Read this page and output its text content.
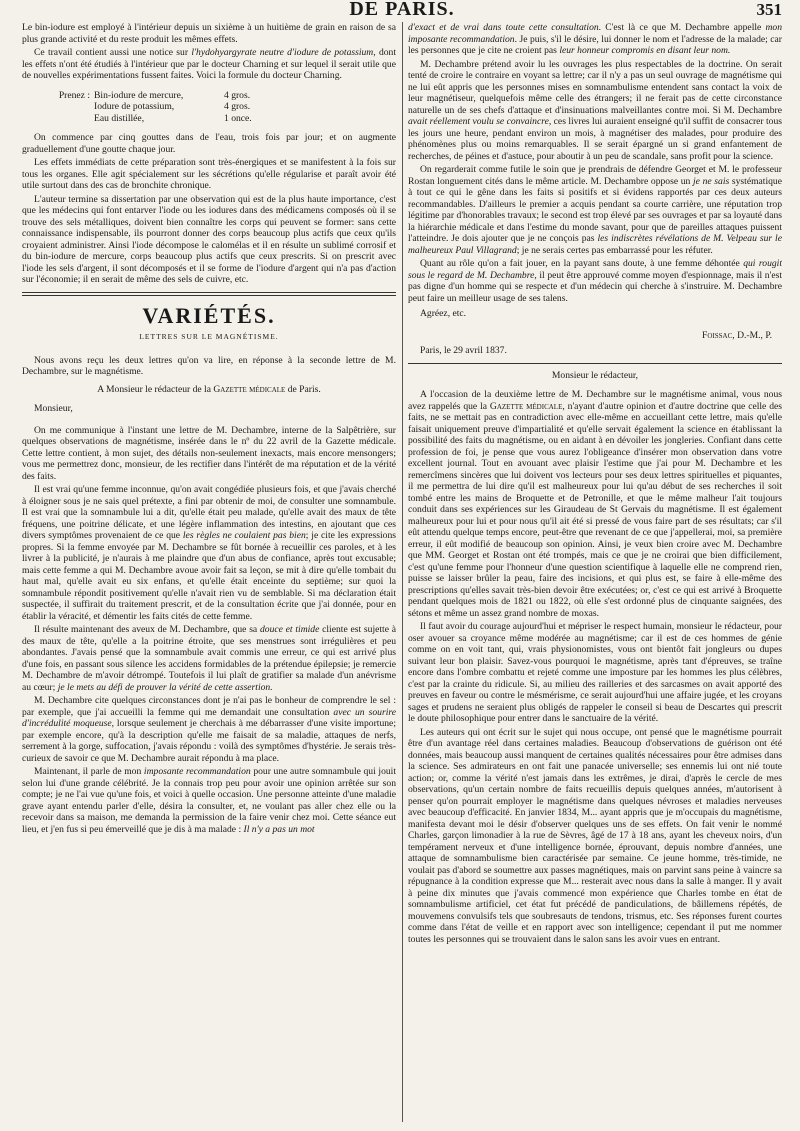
DE PARIS.	351

Le bin-iodure est employé à l'intérieur depuis un sixième à un huitième de grain en raison de sa plus grande activité et du reste produit les mêmes effets.

Ce travail contient aussi une notice sur l'hydohyargyrate neutre d'iodure de potassium, dont les effets n'ont été étudiés à l'intérieur que par le docteur Charning et sur lequel il serait utile que de nouvelles expérimentations fussent faites. Voici la formule du docteur Charning.

Prenez : Bin-iodure de mercure,	4 gros.
Iodure de potassium,	4 gros.
Eau distillée,	1 once.

On commence par cinq gouttes dans de l'eau, trois fois par jour; et on augmente graduellement d'une goutte chaque jour.

Les effets immédiats de cette préparation sont très-énergiques et se manifestent à la fois sur tous les organes. Elle agit spécialement sur les sécrétions qu'elle régularise et paraît avoir été utile surtout dans des cas de bronchite chronique.

L'auteur termine sa dissertation par une observation qui est de la plus haute importance, c'est que les médecins qui font entarver l'iode ou les iodures dans des médicamens composés où il se trouve des sels métalliques, doivent bien connaître les corps qui peuvent se former: sans cette connaissance indispensable, ils pourront donner des corps beaucoup plus actifs que ceux qu'ils croyaient administrer. Ainsi l'iode décompose le calomélas et il en résulte un sublimé corrosif et du bin-iodure de mercure, corps beaucoup plus actifs que ceux prescrits. Si on prescrit avec l'iode les sels d'argent, il sont décomposés et il se forme de l'iodure d'argent qui n'a pas d'action sur l'économie; il en serait de même des sels de cuivre, etc.

VARIÉTÉS.
LETTRES SUR LE MAGNÉTISME.

Nous avons reçu les deux lettres qu'on va lire, en réponse à la seconde lettre de M. Dechambre, sur le magnétisme.

A Monsieur le rédacteur de la Gazette médicale de Paris.
Monsieur,

On me communique à l'instant une lettre de M. Dechambre, interne de la Salpêtrière, sur quelques observations de magnétisme, insérée dans le nº du 22 avril de la Gazette médicale. Cette lettre contient, à mon sujet, des détails non-seulement inexacts, mais encore mensongers; vous me permettrez donc, monsieur, de les rectifier dans l'intérêt de ma réputation et de la vérité des faits.

Il est vrai qu'une femme inconnue, qu'on avait congédiée plusieurs fois, et que j'avais cherché à éloigner sous je ne sais quel prétexte, a fini par obtenir de moi, de consulter une somnambule. Il est vrai que la somnambule lui a dit, qu'elle était peu malade, qu'elle avait des maux de tête fréquens, une poitrine délicate, et une légère inflammation des intestins, en ajoutant que ces divers symptômes provenaient de ce que les règles ne coulaient pas bien; je cite les expressions propres. Si la femme envoyée par M. Dechambre se fût bornée à recueillir ces paroles, et à les livrer à la publicité, je n'aurais à me plaindre que d'un abus de confiance, après tout excusable; mais cette femme a qui M. Dechambre avoue avoir fait sa leçon, se mit à dire qu'elle tombait du haut mal, qu'elle avait eu six enfans, et qu'elle était enceinte du septième; sur quoi la somnambule répondit positivement qu'elle n'avait rien vu de semblable. Si ma déclaration était suspectée, il suffirait du traitement prescrit, et de la consultation écrite que j'ai donnée, pour en établir la véracité, et démentir les faits cités de cette femme.

Il résulte maintenant des aveux de M. Dechambre, que sa douce et timide cliente est sujette à des maux de tête, qu'elle a la poitrine étroite, que ses menstrues sont irrégulières et peu abondantes. J'avais pensé que la somnambule avait commis une erreur, ce qui est arrivé plus d'une fois, en passant sous silence les accidens formidables de la prétendue épilepsie; je remercie M. Dechambre de m'avoir détrompé. Toutefois il lui plaît de gratifier sa malade d'un anévrisme au cœur; je le mets au défi de prouver la vérité de cette assertion.

M. Dechambre cite quelques circonstances dont je n'ai pas le bonheur de comprendre le sel : par exemple, que j'ai accueilli la femme qui me demandait une consultation avec un sourire d'incrédulité moqueuse, lorsque seulement je cherchais à me débarrasser d'une visite importune; par exemple encore, qu'à la description qu'elle me faisait de sa maladie, attaques de nerfs, serrement à la gorge, suffocation, j'avais répondu : voilà des symptômes d'hystérie. Je serais très-curieux de savoir ce que M. Dechambre aurait répondu à ma place.

Maintenant, il parle de mon imposante recommandation pour une autre somnambule qui jouit selon lui d'une grande célébrité. Je la connais trop peu pour avoir une opinion arrêtée sur son compte; je ne l'ai vue qu'une fois, et voici à quelle occasion. Une personne atteinte d'une maladie grave ayant entendu parler d'elle, désira la consulter, et, ne voulant pas aller chez elle ou la recevoir dans sa maison, me demanda la permission de la faire venir chez moi. Cette séance eut lieu, et j'en fus si peu émerveillé que je dis à ma malade : Il n'y a pas un mot

d'exact et de vrai dans toute cette consultation. C'est là ce que M. Dechambre appelle mon imposante recommandation. Je puis, s'il le désire, lui donner le nom et l'adresse de la malade; car les personnes que je cite ne croient pas leur honneur compromis en disant leur nom.

M. Dechambre prétend avoir lu les ouvrages les plus respectables de la doctrine. On serait tenté de croire le contraire en voyant sa lettre; car il n'y a pas un seul ouvrage de magnétisme qui ne lui eût appris que les personnes mises en somnambulisme entendent sans contact la voix de leur magnétiseur, quelquefois même celle des étrangers; il ne ferait pas de cette circonstance naturelle un de ses chefs d'attaque et d'insinuations malveillantes contre moi. Si M. Dechambre avait réellement voulu se convaincre, ces livres lui auraient enseigné qu'il suffit de consacrer tous les jours une heure, pendant environ un mois, à magnétiser des malades, pour produire des phénomènes plus ou moins remarquables. Il se serait épargné un si grand enfantement de recherches, de péines et d'astuce, pour aboutir à un peu de scandale, sans profit pour la science.

On regarderait comme futile le soin que je prendrais de défendre Georget et M. le professeur Rostan longuement cités dans le même article. M. Dechambre oppose un je ne sais systématique à tout ce qui le gêne dans les faits si positifs et si évidens rapportés par ces deux auteurs recommandables. D'ailleurs le premier a acquis pendant sa courte carrière, une réputation trop légitime par d'honorables travaux; le second est trop élevé par ses ouvrages et par sa loyauté dans la hiérarchie médicale et dans l'estime du monde savant, pour que de pareilles attaques puissent l'atteindre. Je dois ajouter que je ne conçois pas les indiscrètes révélations de M. Velpeau sur le malheureux Paul Villagrand; je ne serais certes pas embarrassé pour les réfuter.

Quant au rôle qu'on a fait jouer, en la payant sans doute, à une femme déhontée qui rougit sous le regard de M. Dechambre, il peut être approuvé comme moyen d'espionnage, mais il n'est pas digne d'un homme qui se respecte et d'un médecin qui cherche à s'instruire. M. Dechambre peut faire un meilleur usage de ses talens.

Agréez, etc.
Foissac, D.-M., P.
Paris, le 29 avril 1837.
Monsieur le rédacteur,

A l'occasion de la deuxième lettre de M. Dechambre sur le magnétisme animal, vous nous avez rappelés que la Gazette médicale, n'ayant d'autre opinion et d'autre doctrine que celle des faits, ne se mettait pas en contradiction avec elle-même en accueillant cette lettre, mais qu'elle faisait uniquement preuve d'impartialité et qu'elle servait également la science en établissant la possibilité des faits du magnétisme, ou en aidant à en dévoiler les jongleries. Confiant dans cette profession de foi, je pense que vous aurez l'obligeance d'insérer mon observation dans votre excellent journal. Tout en avouant avec plaisir l'estime que j'ai pour M. Dechambre et les remercîmens sincères que lui doivent vos lecteurs pour ses deux lettres spirituelles et piquantes, il me permettra de lui dire qu'il est malheureux pour lui qu'au début de ses recherches il soit tombé entre les mains de Broquette et de Petronille, et que le même malheur l'ait toujours conduit dans ses expériences sur les Giraudeau de St Gervais du magnétisme. Il est également malheureux pour lui et pour nous qu'il ait été si pressé de vous faire part de ses résultats; car s'il eût attendu quelque temps encore, peut-être que revenant de ce que j'appellerai, moi, sa première erreur, il eût modifié de beaucoup son opinion. Ainsi, je veux bien croire avec M. Dechambre que MM. Georget et Rostan ont été trompés, mais ce que je ne croirai que bien difficilement, c'est qu'une femme pour l'honneur d'une question scientifique à laquelle elle ne comprend rien, puisse se laisser brûler la peau, faire des incisions, et qui plus est, se faire à elle-même des prescriptions qu'elles savait très-bien devoir être exécutées; or, c'est ce qui est arrivé à Broquette pendant quelques mois de 1821 ou 1822, où elle s'est ordonné plus de cinquante saignées, des sétons et même un assez grand nombre de moxas.

Il faut avoir du courage aujourd'hui et mépriser le respect humain, monsieur le rédacteur, pour oser avouer sa croyance même modérée au magnétisme; car il est de ces hommes de génie comme on en voit tant, qui, vrais physionomistes, vous ont bientôt fait jongleurs ou dupes suivant leur bon plaisir. Savez-vous pourquoi le magnétisme, après tant d'épreuves, se traîne encore dans l'ombre combattu et rejeté comme une imposture par les hommes les plus célèbres, c'est par la crainte du ridicule. Si, au milieu des railleries et des sarcasmes on avait apporté des preuves en faveur ou contre le mésmérisme, ce serait aujourd'hui une affaire jugée, et les croyans sages et prudens ne seraient plus obligés de rappeler le conseil si beau de Descartes qui prescrit le doute philosophique pour entrer dans le sanctuaire de la vérité.

Les auteurs qui ont écrit sur le sujet qui nous occupe, ont pensé que le magnétisme pourrait être d'un avantage réel dans certaines maladies. Beaucoup d'observations de guérison ont été données, mais beaucoup aussi manquent de certaines qualités nécessaires pour être admises dans la science. Ses admirateurs en ont fait une panacée universelle; ses ennemis lui ont nié toute action; or, comme la vérité n'est jamais dans les extrêmes, je dirai, d'après le cercle de mes observations, qu'un certain nombre de faits recueillis depuis quelques années, m'autorisent à penser qu'on pourrait employer le magnétisme dans quelques névroses et maladies nerveuses avec beaucoup d'efficacité. En janvier 1834, M... ayant appris que je m'occupais du magnétisme, manifesta devant moi le désir d'observer quelques uns de ses effets. On fait venir le nommé Charles, garçon limonadier à la rue de Sèvres, âgé de 17 à 18 ans, ayant les cheveux noirs, d'un tempérament nerveux et d'une intelligence bornée, éprouvant, depuis nombre d'années, une attaque de somnambulisme bien caractérisée par semaine. Ce jeune homme, très-timide, ne voulait pas d'abord se soumettre aux passes magnétiques, mais on parvint sans peine à vaincre sa répugnance à la condition expresse que M... resterait avec nous dans la salle à manger. Il y avait à peine dix minutes que j'avais commencé mon expérience que Charles tombe en état de somnambulisme artificiel, cet état fut précédé de pandiculations, de bâillemens répétés, de mouvemens convulsifs tels que soubresauts de tendons, trismus, etc. Ses réponses furent courtes comme dans l'état de veille et en rapport avec son intelligence; cependant il put me nommer toutes les personnes qui se trouvaient dans le salon sans les avoir vues en entrant.
